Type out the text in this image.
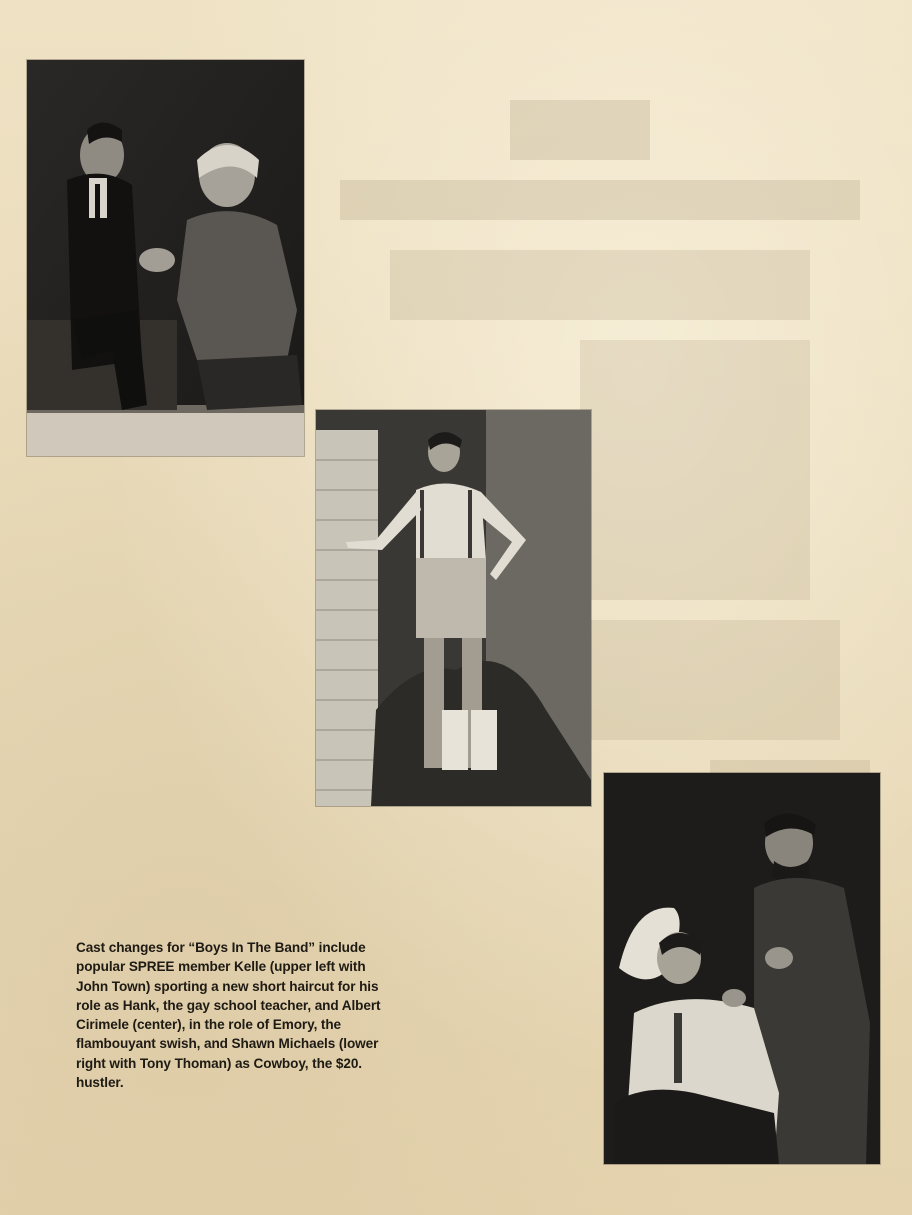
Cast changes for “Boys In The Band” include
popular SPREE member Kelle (upper left with
John Town) sporting a new short haircut for his
role as Hank, the gay school teacher, and Albert
Cirimele (center), in the role of Emory, the
flambouyant swish, and Shawn Michaels (lower
right with Tony Thoman) as Cowboy, the $20.
hustler.
